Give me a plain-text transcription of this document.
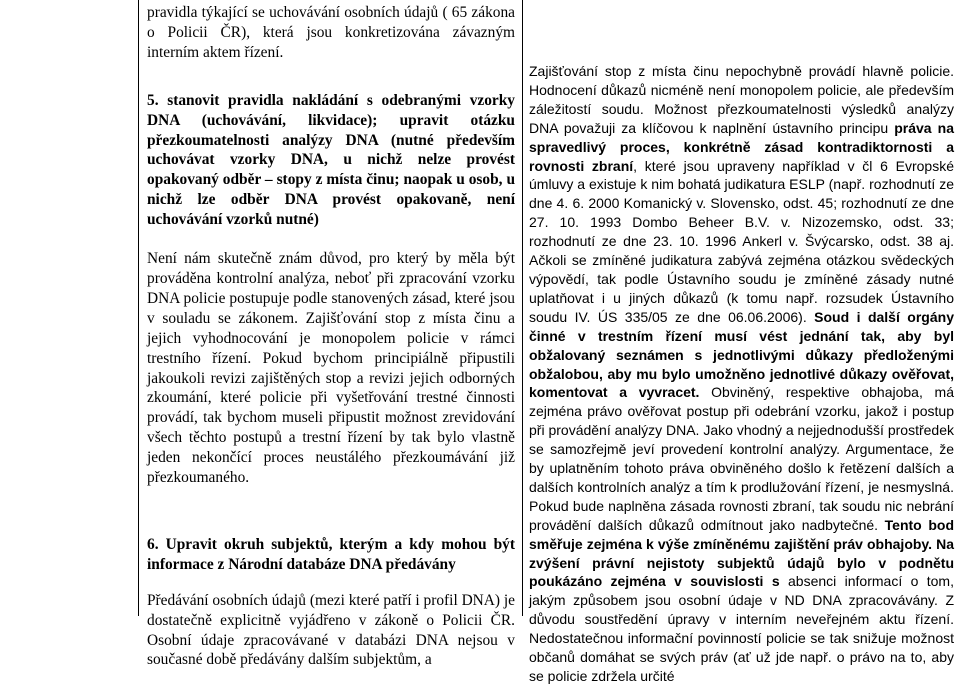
pravidla týkající se uchovávání osobních údajů ( 65 zákona o Policii ČR), která jsou konkretizována závazným interním aktem řízení.

5. stanovit pravidla nakládání s odebranými vzorky DNA (uchovávání, likvidace); upravit otázku přezkoumatelnosti analýzy DNA (nutné především uchovávat vzorky DNA, u nichž nelze provést opakovaný odběr – stopy z místa činu; naopak u osob, u nichž lze odběr DNA provést opakovaně, není uchovávání vzorků nutné)

Není nám skutečně znám důvod, pro který by měla být prováděna kontrolní analýza, neboť při zpracování vzorku DNA policie postupuje podle stanovených zásad, které jsou v souladu se zákonem. Zajišťování stop z místa činu a jejich vyhodnocování je monopolem policie v rámci trestního řízení. Pokud bychom principiálně připustili jakoukoli revizi zajištěných stop a revizi jejich odborných zkoumání, které policie při vyšetřování trestné činnosti provádí, tak bychom museli připustit možnost zrevidování všech těchto postupů a trestní řízení by tak bylo vlastně jeden nekončící proces neustálého přezkoumávání již přezkoumaného.

6. Upravit okruh subjektů, kterým a kdy mohou být informace z Národní databáze DNA předávány

Předávání osobních údajů (mezi které patří i profil DNA) je dostatečně explicitně vyjádřeno v zákoně o Policii ČR. Osobní údaje zpracovávané v databázi DNA nejsou v současné době předávány dalším subjektům, a

Zajišťování stop z místa činu nepochybně provádí hlavně policie. Hodnocení důkazů nicméně není monopolem policie, ale především záležitostí soudu. Možnost přezkoumatelnosti výsledků analýzy DNA považuji za klíčovou k naplnění ústavního principu práva na spravedlivý proces, konkrétně zásad kontradiktornosti a rovnosti zbraní, které jsou upraveny například v čl 6 Evropské úmluvy a existuje k nim bohatá judikatura ESLP (např. rozhodnutí ze dne 4. 6. 2000 Komanický v. Slovensko, odst. 45; rozhodnutí ze dne 27. 10. 1993 Dombo Beheer B.V. v. Nizozemsko, odst. 33; rozhodnutí ze dne 23. 10. 1996 Ankerl v. Švýcarsko, odst. 38 aj. Ačkoli se zmíněné judikatura zabývá zejména otázkou svědeckých výpovědí, tak podle Ústavního soudu je zmíněné zásady nutné uplatňovat i u jiných důkazů (k tomu např. rozsudek Ústavního soudu IV. ÚS 335/05 ze dne 06.06.2006). Soud i další orgány činné v trestním řízení musí vést jednání tak, aby byl obžalovaný seznámen s jednotlivými důkazy předloženými obžalobou, aby mu bylo umožněno jednotlivé důkazy ověřovat, komentovat a vyvracet. Obviněný, respektive obhajoba, má zejména právo ověřovat postup při odebrání vzorku, jakož i postup při provádění analýzy DNA. Jako vhodný a nejjednodušší prostředek se samozřejmě jeví provedení kontrolní analýzy. Argumentace, že by uplatněním tohoto práva obviněného došlo k řetězení dalších a dalších kontrolních analýz a tím k prodlužování řízení, je nesmyslná. Pokud bude naplněna zásada rovnosti zbraní, tak soudu nic nebrání provádění dalších důkazů odmítnout jako nadbytečné. Tento bod směřuje zejména k výše zmíněnému zajištění práv obhajoby. Na zvýšení právní nejistoty subjektů údajů bylo v podnětu poukázáno zejména v souvislosti s absenci informací o tom, jakým způsobem jsou osobní údaje v ND DNA zpracovávány. Z důvodu soustředění úpravy v interním neveřejném aktu řízení. Nedostatečnou informační povinností policie se tak snižuje možnost občanů domáhat se svých práv (ať už jde např. o právo na to, aby se policie zdržela určité
